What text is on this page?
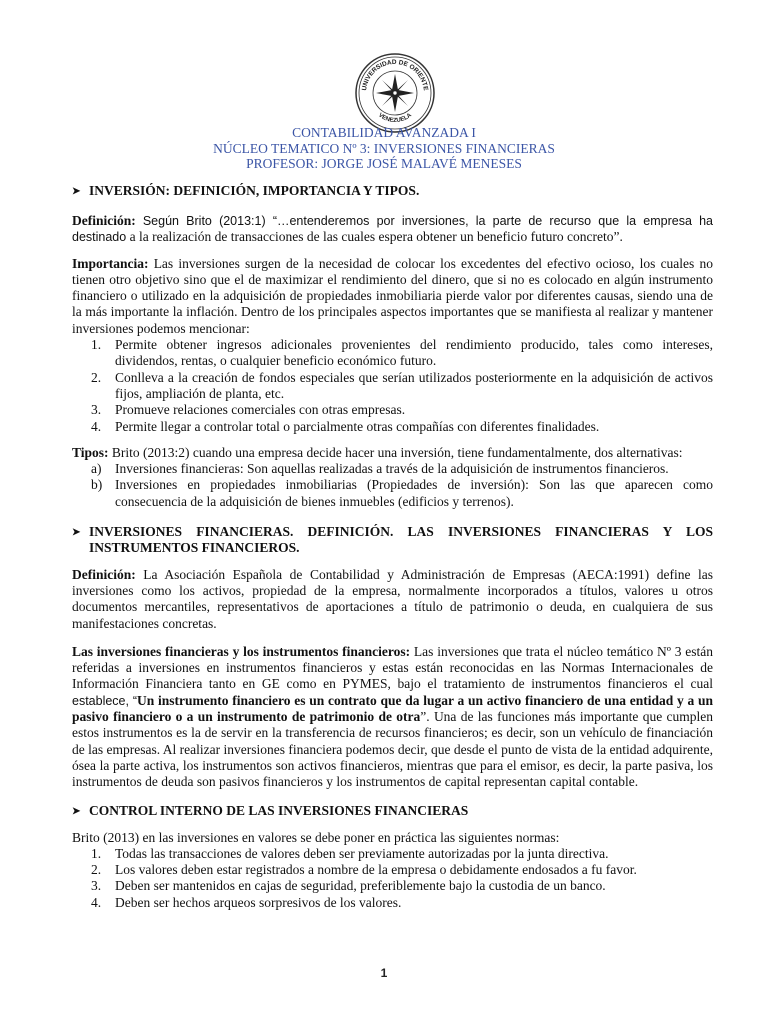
UNIVERSIDAD DE ORIENTE
VENEZUELA
CONTABILIDAD AVANZADA I
NÚCLEO TEMATICO Nº 3: INVERSIONES FINANCIERAS
PROFESOR: JORGE JOSÉ MALAVÉ MENESES
➤ INVERSIÓN: DEFINICIÓN, IMPORTANCIA Y TIPOS.
Definición: Según Brito (2013:1) “…entenderemos por inversiones, la parte de recurso que la empresa ha destinado a la realización de transacciones de las cuales espera obtener un beneficio futuro concreto”.
Importancia: Las inversiones surgen de la necesidad de colocar los excedentes del efectivo ocioso, los cuales no tienen otro objetivo sino que el de maximizar el rendimiento del dinero, que si no es colocado en algún instrumento financiero o utilizado en la adquisición de propiedades inmobiliaria pierde valor por diferentes causas, siendo una de la más importante la inflación. Dentro de los principales aspectos importantes que se manifiesta al realizar y mantener inversiones podemos mencionar:
1.	Permite obtener ingresos adicionales provenientes del rendimiento producido, tales como intereses, dividendos, rentas, o cualquier beneficio económico futuro.
2.	Conlleva a la creación de fondos especiales que serían utilizados posteriormente en la adquisición de activos fijos, ampliación de planta, etc.
3.	Promueve relaciones comerciales con otras empresas.
4.	Permite llegar a controlar total o parcialmente otras compañías con diferentes finalidades.
Tipos: Brito (2013:2) cuando una empresa decide hacer una inversión, tiene fundamentalmente, dos alternativas:
a)	Inversiones financieras: Son aquellas realizadas a través de la adquisición de instrumentos financieros.
b) Inversiones en propiedades inmobiliarias (Propiedades de inversión): Son las que aparecen como consecuencia de la adquisición de bienes inmuebles (edificios y terrenos).
➤ INVERSIONES FINANCIERAS. DEFINICIÓN. LAS INVERSIONES FINANCIERAS Y LOS INSTRUMENTOS FINANCIEROS.
Definición: La Asociación Española de Contabilidad y Administración de Empresas (AECA:1991) define las inversiones como los activos, propiedad de la empresa, normalmente incorporados a títulos, valores u otros documentos mercantiles, representativos de aportaciones a título de patrimonio o deuda, en cualquiera de sus manifestaciones concretas.
Las inversiones financieras y los instrumentos financieros: Las inversiones que trata el núcleo temático Nº 3 están referidas a inversiones en instrumentos financieros y estas están reconocidas en las Normas Internacionales de Información Financiera tanto en GE como en PYMES, bajo el tratamiento de instrumentos financieros el cual establece, “Un instrumento financiero es un contrato que da lugar a un activo financiero de una entidad y a un pasivo financiero o a un instrumento de patrimonio de otra”. Una de las funciones más importante que cumplen estos instrumentos es la de servir en la transferencia de recursos financieros; es decir, son un vehículo de financiación de las empresas. Al realizar inversiones financiera podemos decir, que desde el punto de vista de la entidad adquirente, ósea la parte activa, los instrumentos son activos financieros, mientras que para el emisor, es decir, la parte pasiva, los instrumentos de deuda son pasivos financieros y los instrumentos de capital representan capital contable.
➤ CONTROL INTERNO DE LAS INVERSIONES FINANCIERAS
Brito (2013) en las inversiones en valores se debe poner en práctica las siguientes normas:
1.	Todas las transacciones de valores deben ser previamente autorizadas por la junta directiva.
2.	Los valores deben estar registrados a nombre de la empresa o debidamente endosados a fu favor.
3.	Deben ser mantenidos en cajas de seguridad, preferiblemente bajo la custodia de un banco.
4.	Deben ser hechos arqueos sorpresivos de los valores.
1
